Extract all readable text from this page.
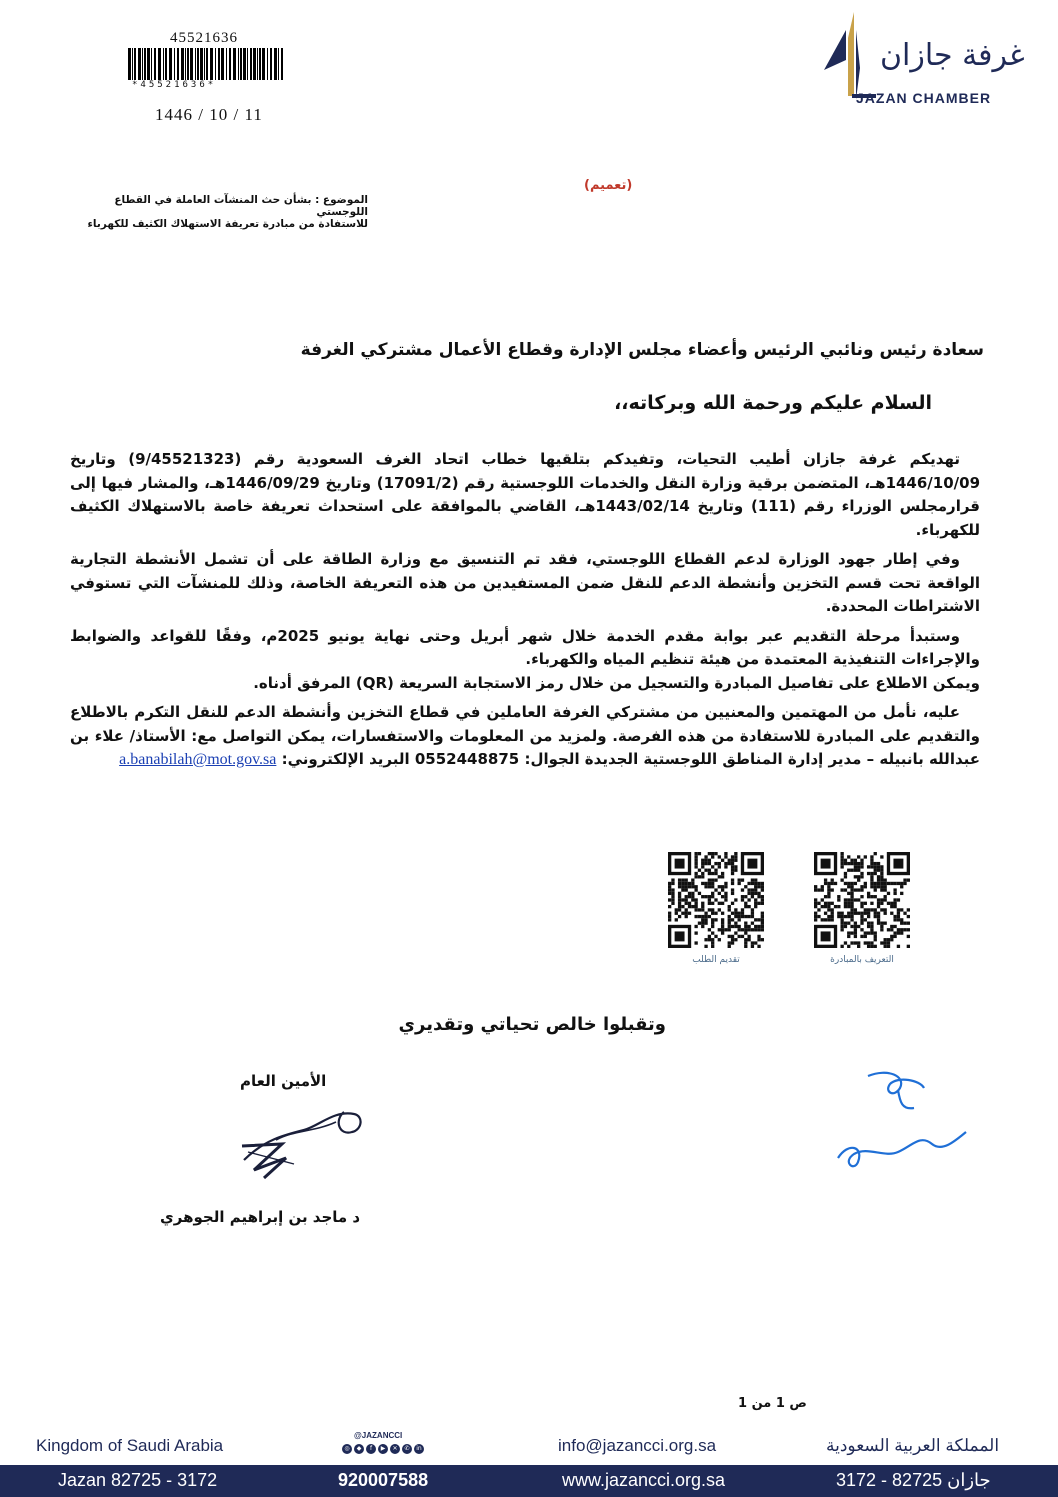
45521636
*45521636*
1446 / 10 / 11
غرفة جازان
JAZAN CHAMBER
(تعميم)
الموضوع : بشأن حث المنشآت العاملة في القطاع اللوجستي
للاستفادة من مبادرة تعريفة الاستهلاك الكثيف للكهرباء
سعادة رئيس ونائبي الرئيس وأعضاء مجلس الإدارة وقطاع الأعمال مشتركي الغرفة
السلام عليكم ورحمة الله وبركاته،،

تهديكم غرفة جازان أطيب التحيات، وتفيدكم بتلقيها خطاب اتحاد الغرف السعودية رقم (9/45521323) وتاريخ 1446/10/09هـ، المتضمن برقية وزارة النقل والخدمات اللوجستية رقم (17091/2) وتاريخ 1446/09/29هـ، والمشار فيها إلى قرارمجلس الوزراء رقم (111) وتاريخ 1443/02/14هـ، القاضي بالموافقة على استحداث تعريفة خاصة بالاستهلاك الكثيف للكهرباء.

وفي إطار جهود الوزارة لدعم القطاع اللوجستي، فقد تم التنسيق مع وزارة الطاقة على أن تشمل الأنشطة التجارية الواقعة تحت قسم التخزين وأنشطة الدعم للنقل ضمن المستفيدين من هذه التعريفة الخاصة، وذلك للمنشآت التي تستوفي الاشتراطات المحددة.

وستبدأ مرحلة التقديم عبر بوابة مقدم الخدمة خلال شهر أبريل وحتى نهاية يونيو 2025م، وفقًا للقواعد والضوابط والإجراءات التنفيذية المعتمدة من هيئة تنظيم المياه والكهرباء.

ويمكن الاطلاع على تفاصيل المبادرة والتسجيل من خلال رمز الاستجابة السريعة (QR) المرفق أدناه.

عليه، نأمل من المهتمين والمعنيين من مشتركي الغرفة العاملين في قطاع التخزين وأنشطة الدعم للنقل التكرم بالاطلاع والتقديم على المبادرة للاستفادة من هذه الفرصة. ولمزيد من المعلومات والاستفسارات، يمكن التواصل مع: الأستاذ/ علاء بن عبدالله بانبيله – مدير إدارة المناطق اللوجستية الجديدة الجوال: 0552448875 البريد الإلكتروني: a.banabilah@mot.gov.sa

تقديم الطلب	التعريف بالمبادرة
وتقبلوا خالص تحياتي وتقديري
الأمين العام
د ماجد بن إبراهيم الجوهري
ص 1 من 1
Kingdom of Saudi Arabia
@JAZANCCI
◎	◆	f	▶	✕	✆	in	info@jazancci.org.sa	المملكة العربية السعودية
Jazan 82725 - 3172	920007588	www.jazancci.org.sa	جازان 82725 - 3172
